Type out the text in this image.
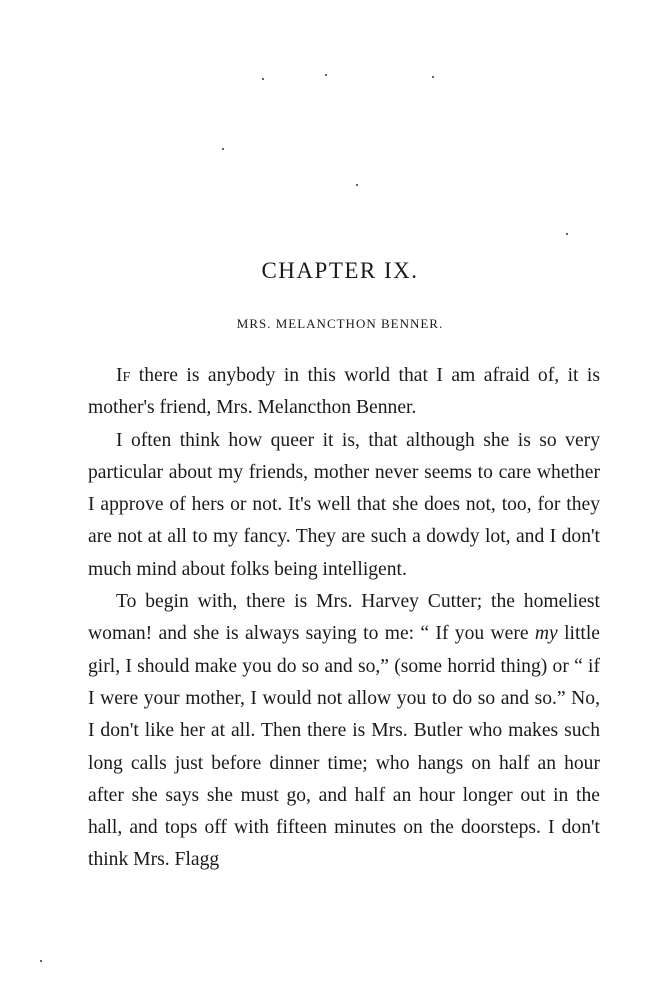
CHAPTER IX.
MRS. MELANCTHON BENNER.

If there is anybody in this world that I am afraid of, it is mother's friend, Mrs. Melancthon Benner.

I often think how queer it is, that although she is so very particular about my friends, mother never seems to care whether I approve of hers or not. It's well that she does not, too, for they are not at all to my fancy. They are such a dowdy lot, and I don't much mind about folks being intelligent.

To begin with, there is Mrs. Harvey Cutter; the homeliest woman! and she is always saying to me: “ If you were my little girl, I should make you do so and so,” (some horrid thing) or “ if I were your mother, I would not allow you to do so and so.” No, I don't like her at all. Then there is Mrs. Butler who makes such long calls just before dinner time; who hangs on half an hour after she says she must go, and half an hour longer out in the hall, and tops off with fifteen minutes on the doorsteps. I don't think Mrs. Flagg
